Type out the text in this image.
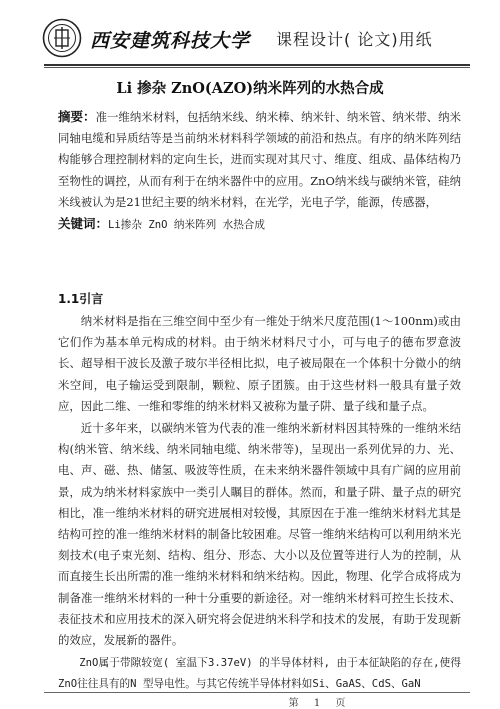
西安建筑科技大学 课程设计( 论文)用纸
Li 掺杂 ZnO(AZO)纳米阵列的水热合成
摘要：准一维纳米材料，包括纳米线、纳米棒、纳米针、纳米管、纳米带、纳米同轴电缆和异质结等是当前纳米材料科学领域的前沿和热点。有序的纳米阵列结构能够合理控制材料的定向生长，进而实现对其尺寸、维度、组成、晶体结构乃至物性的调控，从而有利于在纳米器件中的应用。ZnO纳米线与碳纳米管，硅纳米线被认为是21世纪主要的纳米材料，在光学，光电子学，能源，传感器，
关键词：Li掺杂 ZnO 纳米阵列 水热合成
1.1引言
纳米材料是指在三维空间中至少有一维处于纳米尺度范围(1～100nm)或由它们作为基本单元构成的材料。由于纳米材料尺寸小，可与电子的德布罗意波长、超导相干波长及激子玻尔半径相比拟，电子被局限在一个体积十分微小的纳米空间，电子输运受到限制，颗粒、原子团簇。由于这些材料一般具有量子效应，因此二维、一维和零维的纳米材料又被称为量子阱、量子线和量子点。
近十多年来，以碳纳米管为代表的准一维纳米新材料因其特殊的一维纳米结构(纳米管、纳米线、纳米同轴电缆、纳米带等)，呈现出一系列优异的力、光、电、声、磁、热、储氢、吸波等性质，在未来纳米器件领域中具有广阔的应用前景，成为纳米材料家族中一类引人瞩目的群体。然而，和量子阱、量子点的研究相比，准一维纳米材料的研究进展相对较慢，其原因在于准一维纳米材料尤其是结构可控的准一维纳米材料的制备比较困难。尽管一维纳米结构可以利用纳米光刻技术(电子束光刻、结构、组分、形态、大小以及位置等进行人为的控制，从而直接生长出所需的准一维纳米材料和纳米结构。因此，物理、化学合成将成为制备准一维纳米材料的一种十分重要的新途径。对一维纳米材料可控生长技术、表征技术和应用技术的深入研究将会促进纳米科学和技术的发展，有助于发现新的效应，发展新的器件。
ZnO属于带隙较宽( 室温下3.37eV) 的半导体材料, 由于本征缺陷的存在,使得ZnO往往具有的N 型导电性。与其它传统半导体材料如Si、GaAS、CdS、GaN
第 1 页
